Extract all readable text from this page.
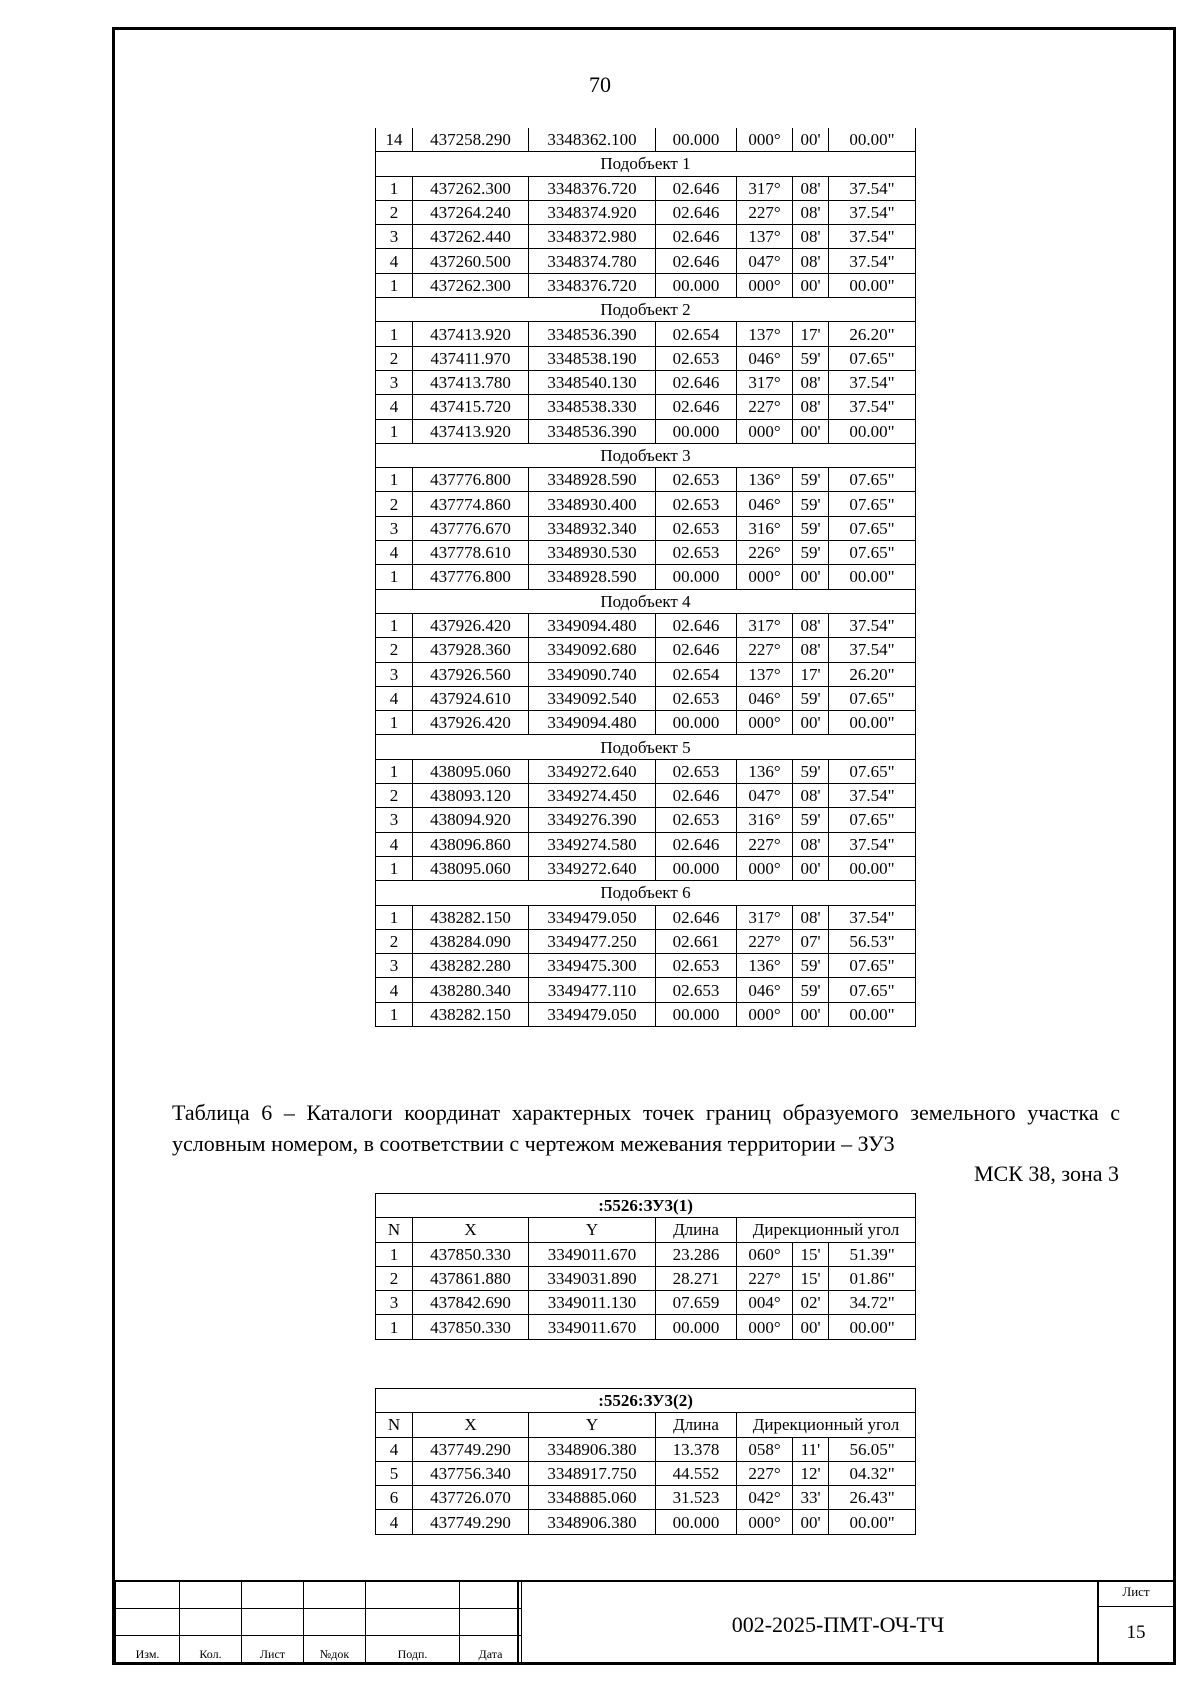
70
14	437258.290	3348362.100	00.000	000°	00'	00.00"
Подобъект 1						
1	437262.300	3348376.720	02.646	317°	08'	37.54"
2	437264.240	3348374.920	02.646	227°	08'	37.54"
3	437262.440	3348372.980	02.646	137°	08'	37.54"
4	437260.500	3348374.780	02.646	047°	08'	37.54"
1	437262.300	3348376.720	00.000	000°	00'	00.00"
Подобъект 2						
1	437413.920	3348536.390	02.654	137°	17'	26.20"
2	437411.970	3348538.190	02.653	046°	59'	07.65"
3	437413.780	3348540.130	02.646	317°	08'	37.54"
4	437415.720	3348538.330	02.646	227°	08'	37.54"
1	437413.920	3348536.390	00.000	000°	00'	00.00"
Подобъект 3						
1	437776.800	3348928.590	02.653	136°	59'	07.65"
2	437774.860	3348930.400	02.653	046°	59'	07.65"
3	437776.670	3348932.340	02.653	316°	59'	07.65"
4	437778.610	3348930.530	02.653	226°	59'	07.65"
1	437776.800	3348928.590	00.000	000°	00'	00.00"
Подобъект 4						
1	437926.420	3349094.480	02.646	317°	08'	37.54"
2	437928.360	3349092.680	02.646	227°	08'	37.54"
3	437926.560	3349090.740	02.654	137°	17'	26.20"
4	437924.610	3349092.540	02.653	046°	59'	07.65"
1	437926.420	3349094.480	00.000	000°	00'	00.00"
Подобъект 5						
1	438095.060	3349272.640	02.653	136°	59'	07.65"
2	438093.120	3349274.450	02.646	047°	08'	37.54"
3	438094.920	3349276.390	02.653	316°	59'	07.65"
4	438096.860	3349274.580	02.646	227°	08'	37.54"
1	438095.060	3349272.640	00.000	000°	00'	00.00"
Подобъект 6						
1	438282.150	3349479.050	02.646	317°	08'	37.54"
2	438284.090	3349477.250	02.661	227°	07'	56.53"
3	438282.280	3349475.300	02.653	136°	59'	07.65"
4	438280.340	3349477.110	02.653	046°	59'	07.65"
1	438282.150	3349479.050	00.000	000°	00'	00.00"
Таблица 6 – Каталоги координат характерных точек границ образуемого земельного участка с условным номером, в соответствии с чертежом межевания территории – ЗУ3
МСК 38, зона 3
:5526:ЗУ3(1)						
N	X	Y	Длина	Дирекционный угол		
1	437850.330	3349011.670	23.286	060°	15'	51.39"
2	437861.880	3349031.890	28.271	227°	15'	01.86"
3	437842.690	3349011.130	07.659	004°	02'	34.72"
1	437850.330	3349011.670	00.000	000°	00'	00.00"
:5526:ЗУ3(2)						
N	X	Y	Длина	Дирекционный угол		
4	437749.290	3348906.380	13.378	058°	11'	56.05"
5	437756.340	3348917.750	44.552	227°	12'	04.32"
6	437726.070	3348885.060	31.523	042°	33'	26.43"
4	437749.290	3348906.380	00.000	000°	00'	00.00"

Изм.	Кол.	Лист	№док	Подп.	Дата
002-2025-ПМТ-ОЧ-ТЧ
Лист
15
